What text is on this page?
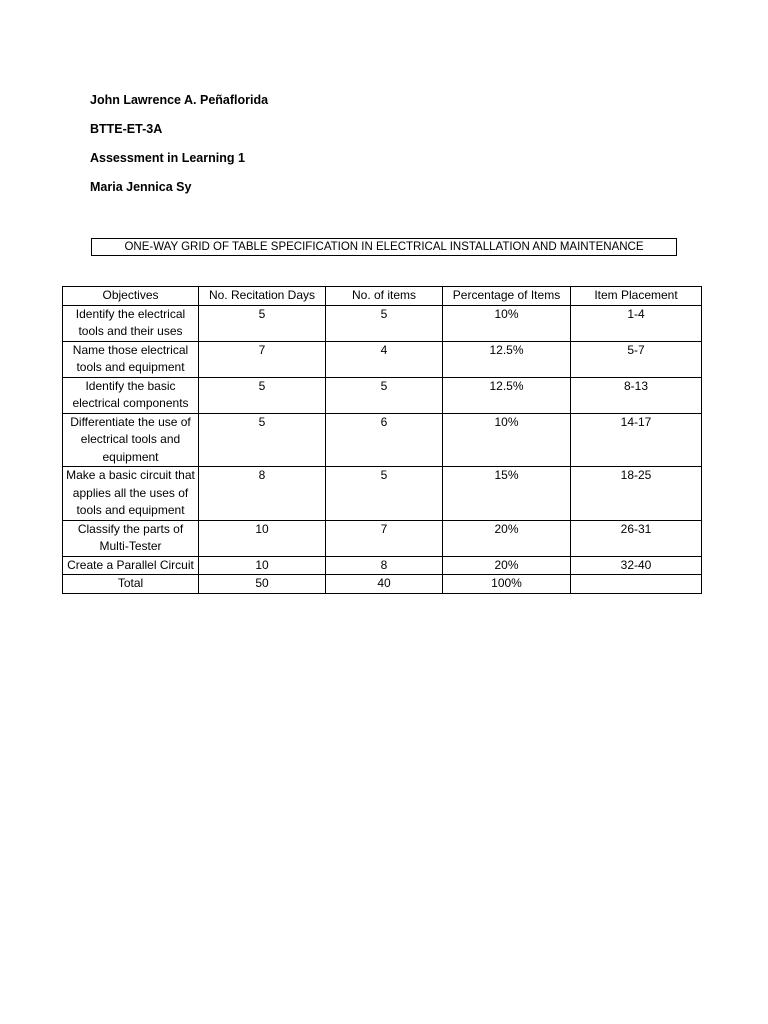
John Lawrence A. Peñaflorida
BTTE-ET-3A
Assessment in Learning 1
Maria Jennica Sy
ONE-WAY GRID OF TABLE SPECIFICATION IN ELECTRICAL INSTALLATION AND MAINTENANCE
Objectives	No. Recitation Days	No. of items	Percentage of Items	Item Placement
Identify the electrical tools and their uses	5	5	10%	1-4
Name those electrical tools and equipment	7	4	12.5%	5-7
Identify the basic electrical components	5	5	12.5%	8-13
Differentiate the use of electrical tools and equipment	5	6	10%	14-17
Make a basic circuit that applies all the uses of tools and equipment	8	5	15%	18-25
Classify the parts of Multi-Tester	10	7	20%	26-31
Create a Parallel Circuit	10	8	20%	32-40
Total	50	40	100%	
